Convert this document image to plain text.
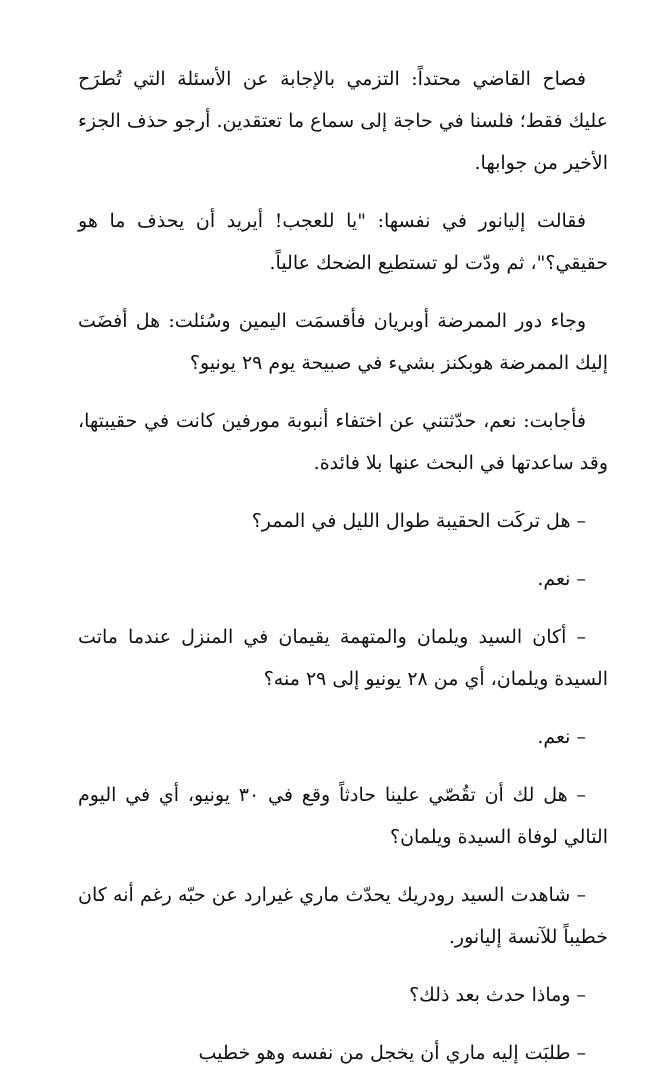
فصاح القاضي محتداً: التزمي بالإجابة عن الأسئلة التي تُطرَح عليك فقط؛ فلسنا في حاجة إلى سماع ما تعتقدين. أرجو حذف الجزء الأخير من جوابها.

فقالت إليانور في نفسها: "يا للعجب! أيريد أن يحذف ما هو حقيقي؟"، ثم ودّت لو تستطيع الضحك عالياً.

وجاء دور الممرضة أوبريان فأقسمَت اليمين وسُئلت: هل أفضَت إليك الممرضة هوبكنز بشيء في صبيحة يوم ٢٩ يونيو؟

فأجابت: نعم، حدّثتني عن اختفاء أنبوبة مورفين كانت في حقيبتها، وقد ساعدتها في البحث عنها بلا فائدة.

– هل تركَت الحقيبة طوال الليل في الممر؟

– نعم.

– أكان السيد ويلمان والمتهمة يقيمان في المنزل عندما ماتت السيدة ويلمان، أي من ٢٨ يونيو إلى ٢٩ منه؟

– نعم.

– هل لك أن تقُصّي علينا حادثاً وقع في ٣٠ يونيو، أي في اليوم التالي لوفاة السيدة ويلمان؟

– شاهدت السيد رودريك يحدّث ماري غيرارد عن حبّه رغم أنه كان خطيباً للآنسة إليانور.

– وماذا حدث بعد ذلك؟

– طلبَت إليه ماري أن يخجل من نفسه وهو خطيب
